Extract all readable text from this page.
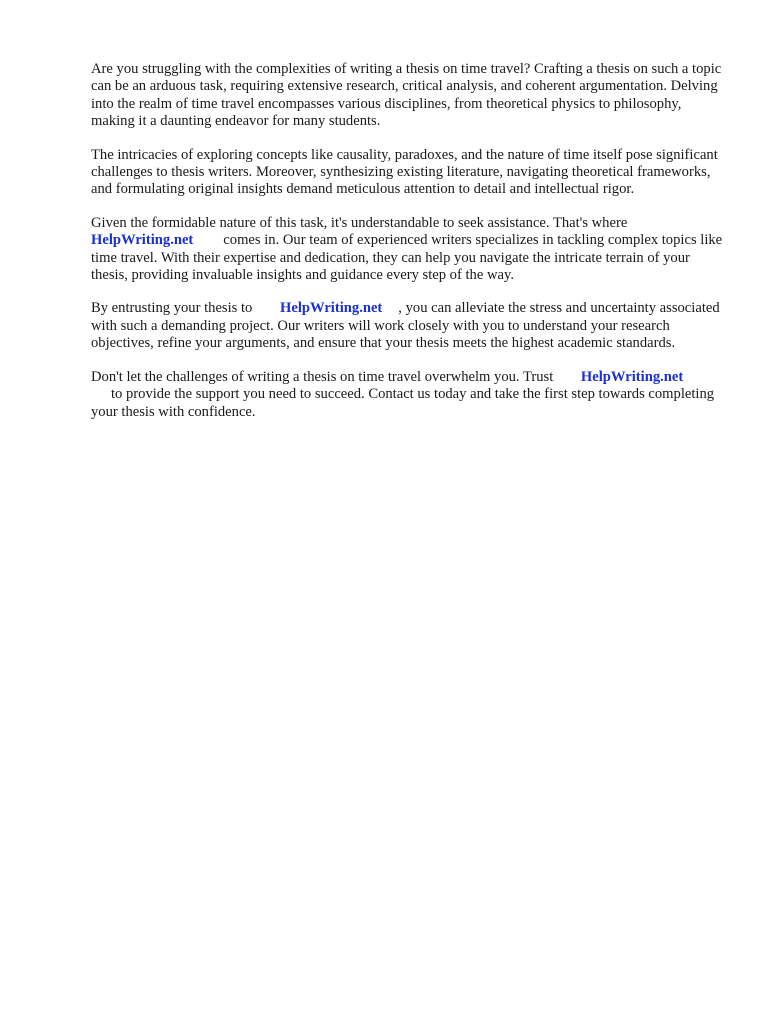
Are you struggling with the complexities of writing a thesis on time travel? Crafting a thesis on such a topic can be an arduous task, requiring extensive research, critical analysis, and coherent argumentation. Delving into the realm of time travel encompasses various disciplines, from theoretical physics to philosophy, making it a daunting endeavor for many students.

The intricacies of exploring concepts like causality, paradoxes, and the nature of time itself pose significant challenges to thesis writers. Moreover, synthesizing existing literature, navigating theoretical frameworks, and formulating original insights demand meticulous attention to detail and intellectual rigor.

Given the formidable nature of this task, it's understandable to seek assistance. That's where
HelpWriting.net comes in. Our team of experienced writers specializes in tackling complex topics like time travel. With their expertise and dedication, they can help you navigate the intricate terrain of your thesis, providing invaluable insights and guidance every step of the way.

By entrusting your thesis to HelpWriting.net , you can alleviate the stress and uncertainty associated with such a demanding project. Our writers will work closely with you to understand your research objectives, refine your arguments, and ensure that your thesis meets the highest academic standards.

Don't let the challenges of writing a thesis on time travel overwhelm you. Trust HelpWriting.net
to provide the support you need to succeed. Contact us today and take the first step towards completing your thesis with confidence.
